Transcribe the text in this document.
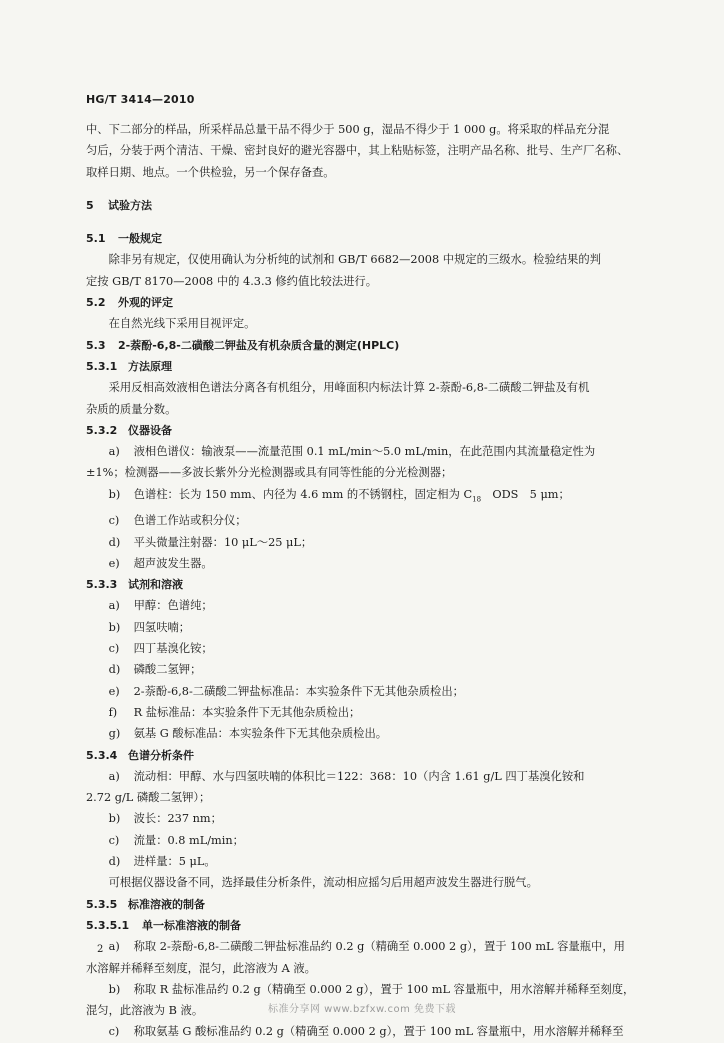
HG/T 3414—2010

中、下二部分的样品，所采样品总量干品不得少于 500 g，湿品不得少于 1 000 g。将采取的样品充分混

匀后，分装于两个清洁、干燥、密封良好的避光容器中，其上粘贴标签，注明产品名称、批号、生产厂名称、

取样日期、地点。一个供检验，另一个保存备查。

5	试验方法
5.1	一般规定

除非另有规定，仅使用确认为分析纯的试剂和 GB/T 6682—2008 中规定的三级水。检验结果的判

定按 GB/T 8170—2008 中的 4.3.3 修约值比较法进行。

5.2	外观的评定

在自然光线下采用目视评定。

5.3	2-萘酚-6,8-二磺酸二钾盐及有机杂质含量的测定(HPLC)
5.3.1 方法原理

采用反相高效液相色谱法分离各有机组分，用峰面积内标法计算 2-萘酚-6,8-二磺酸二钾盐及有机

杂质的质量分数。

5.3.2 仪器设备

a) 液相色谱仪：输液泵——流量范围 0.1 mL/min～5.0 mL/min，在此范围内其流量稳定性为

±1%；检测器——多波长紫外分光检测器或具有同等性能的分光检测器；

b) 色谱柱：长为 150 mm、内径为 4.6 mm 的不锈钢柱，固定相为 $C_{18}$　ODS　5 μm；

c) 色谱工作站或积分仪；

d) 平头微量注射器：10 μL～25 μL；

e) 超声波发生器。

5.3.3 试剂和溶液

a) 甲醇：色谱纯；

b) 四氢呋喃；

c) 四丁基溴化铵；

d) 磷酸二氢钾；

e) 2-萘酚-6,8-二磺酸二钾盐标准品：本实验条件下无其他杂质检出；

f) R 盐标准品：本实验条件下无其他杂质检出；

g) 氨基 G 酸标准品：本实验条件下无其他杂质检出。

5.3.4 色谱分析条件

a) 流动相：甲醇、水与四氢呋喃的体积比＝122：368：10（内含 1.61 g/L 四丁基溴化铵和

2.72 g/L 磷酸二氢钾）；

b) 波长：237 nm；

c) 流量：0.8 mL/min；

d) 进样量：5 μL。

可根据仪器设备不同，选择最佳分析条件，流动相应摇匀后用超声波发生器进行脱气。

5.3.5 标准溶液的制备
5.3.5.1	单一标准溶液的制备

a) 称取 2-萘酚-6,8-二磺酸二钾盐标准品约 0.2 g（精确至 0.000 2 g），置于 100 mL 容量瓶中，用

水溶解并稀释至刻度，混匀，此溶液为 A 液。

b) 称取 R 盐标准品约 0.2 g（精确至 0.000 2 g），置于 100 mL 容量瓶中，用水溶解并稀释至刻度，

混匀，此溶液为 B 液。

c) 称取氨基 G 酸标准品约 0.2 g（精确至 0.000 2 g），置于 100 mL 容量瓶中，用水溶解并稀释至

2
标准分享网 www.bzfxw.com 免费下载
